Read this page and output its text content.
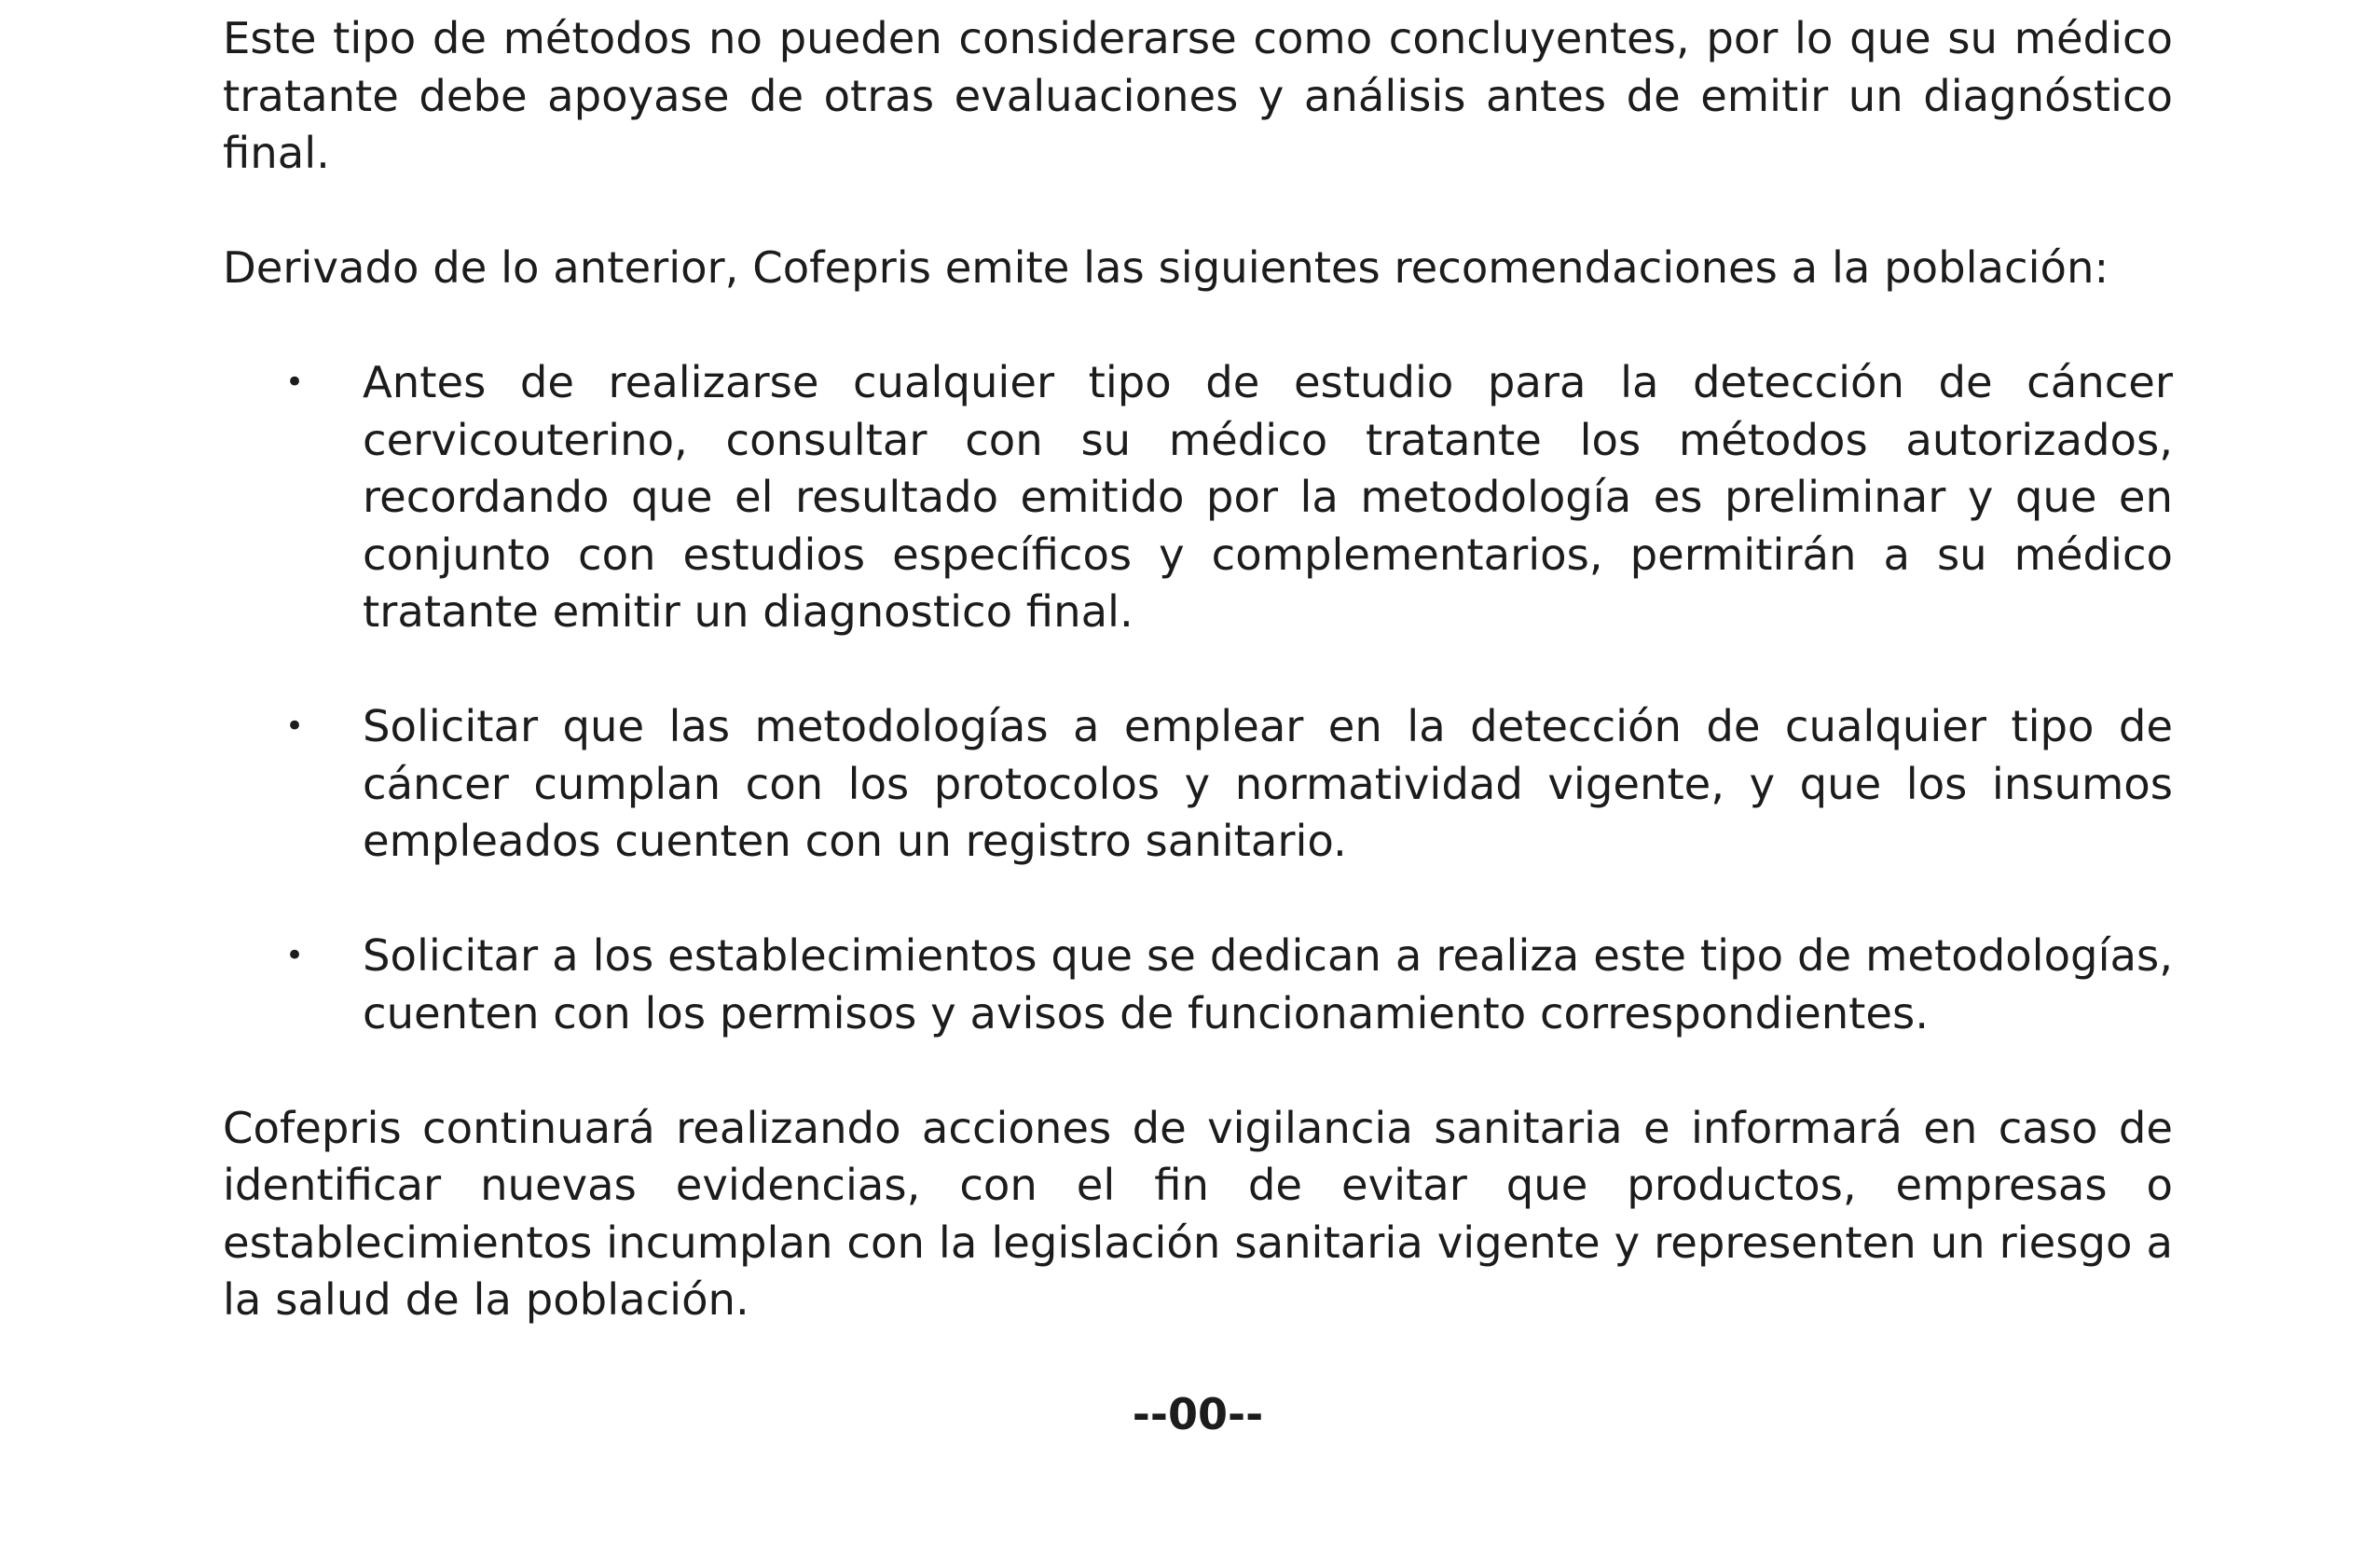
Este tipo de métodos no pueden considerarse como concluyentes, por lo que su médico tratante debe apoyase de otras evaluaciones y análisis antes de emitir un diagnóstico final.

Derivado de lo anterior, Cofepris emite las siguientes recomendaciones a la población:

• Antes de realizarse cualquier tipo de estudio para la detección de cáncer cervicouterino, consultar con su médico tratante los métodos autorizados, recordando que el resultado emitido por la metodología es preliminar y que en conjunto con estudios específicos y complementarios, permitirán a su médico tratante emitir un diagnostico final.

• Solicitar que las metodologías a emplear en la detección de cualquier tipo de cáncer cumplan con los protocolos y normatividad vigente, y que los insumos empleados cuenten con un registro sanitario.

• Solicitar a los establecimientos que se dedican a realiza este tipo de metodologías, cuenten con los permisos y avisos de funcionamiento correspondientes.

Cofepris continuará realizando acciones de vigilancia sanitaria e informará en caso de identificar nuevas evidencias, con el fin de evitar que productos, empresas o establecimientos incumplan con la legislación sanitaria vigente y representen un riesgo a la salud de la población.

--00--
